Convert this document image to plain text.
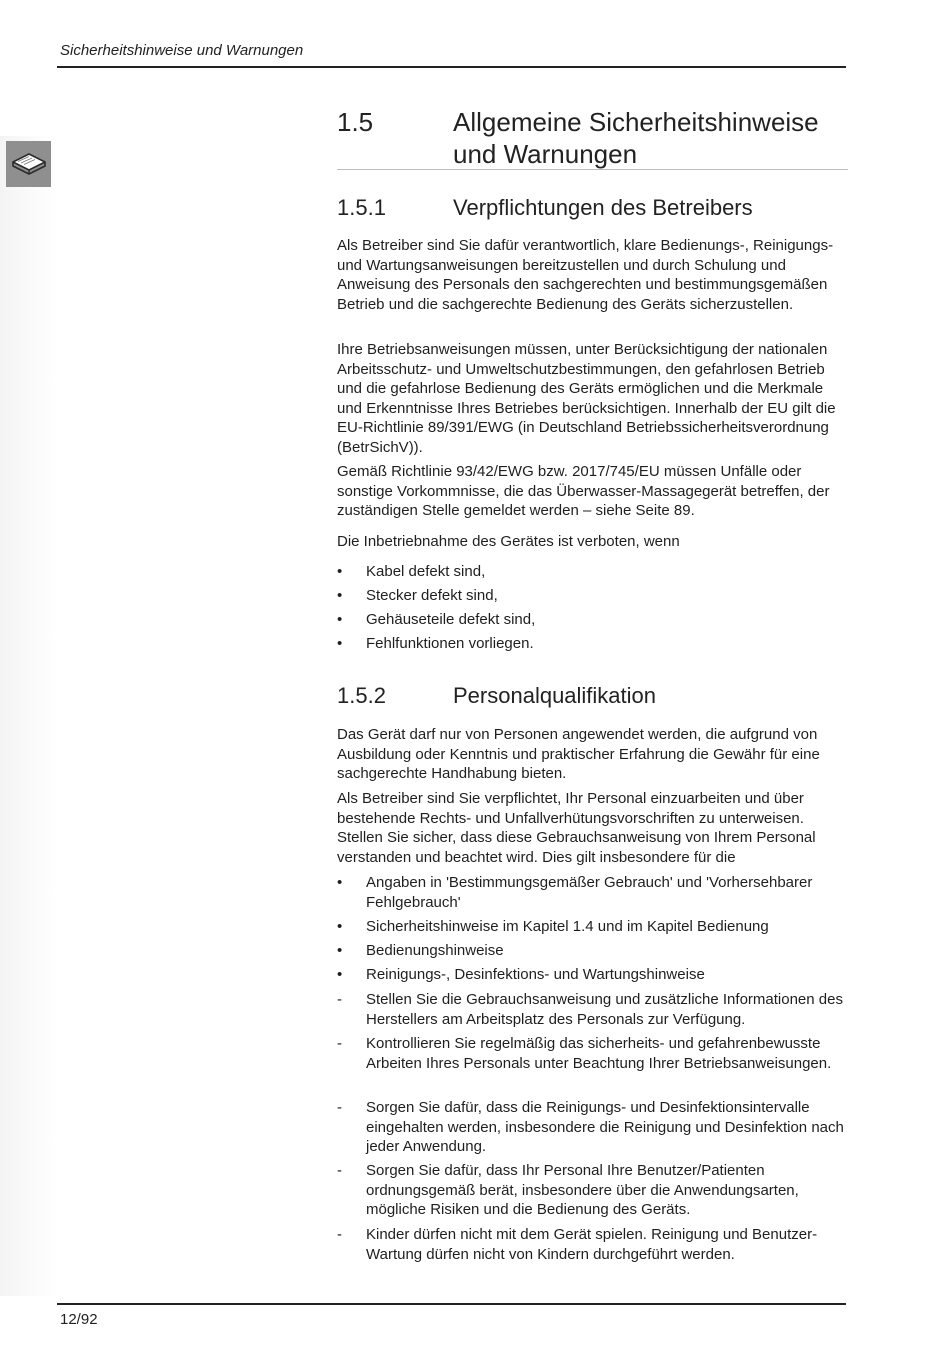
Sicherheitshinweise und Warnungen
1.5	Allgemeine Sicherheitshinweise und Warnungen
1.5.1	Verpflichtungen des Betreibers
Als Betreiber sind Sie dafür verantwortlich, klare Bedienungs-, Reinigungs- und Wartungsanweisungen bereitzustellen und durch Schulung und Anweisung des Personals den sachgerechten und bestimmungsgemäßen Betrieb und die sachgerechte Bedienung des Geräts sicherzustellen.
Ihre Betriebsanweisungen müssen, unter Berücksichtigung der nationalen Arbeitsschutz- und Umweltschutzbestimmungen, den gefahrlosen Betrieb und die gefahrlose Bedienung des Geräts ermöglichen und die Merkmale und Erkenntnisse Ihres Betriebes berücksichtigen. Innerhalb der EU gilt die EU-Richtlinie 89/391/EWG (in Deutschland Betriebssicherheitsverordnung (BetrSichV)).
Gemäß Richtlinie 93/42/EWG bzw. 2017/745/EU müssen Unfälle oder sonstige Vorkommnisse, die das Überwasser-Massagegerät betreffen, der zuständigen Stelle gemeldet werden – siehe Seite 89.
Die Inbetriebnahme des Gerätes ist verboten, wenn
•	Kabel defekt sind,
•	Stecker defekt sind,
•	Gehäuseteile defekt sind,
•	Fehlfunktionen vorliegen.
1.5.2	Personalqualifikation
Das Gerät darf nur von Personen angewendet werden, die aufgrund von Ausbildung oder Kenntnis und praktischer Erfahrung die Gewähr für eine sachgerechte Handhabung bieten.
Als Betreiber sind Sie verpflichtet, Ihr Personal einzuarbeiten und über bestehende Rechts- und Unfallverhütungsvorschriften zu unterweisen. Stellen Sie sicher, dass diese Gebrauchsanweisung von Ihrem Personal verstanden und beachtet wird. Dies gilt insbesondere für die
•	Angaben in 'Bestimmungsgemäßer Gebrauch' und 'Vorhersehbarer Fehlgebrauch'
•	Sicherheitshinweise im Kapitel 1.4 und im Kapitel Bedienung
•	Bedienungshinweise
•	Reinigungs-, Desinfektions- und Wartungshinweise
-	Stellen Sie die Gebrauchsanweisung und zusätzliche Informationen des Herstellers am Arbeitsplatz des Personals zur Verfügung.
-	Kontrollieren Sie regelmäßig das sicherheits- und gefahrenbewusste Arbeiten Ihres Personals unter Beachtung Ihrer Betriebsanweisungen.
-	Sorgen Sie dafür, dass die Reinigungs- und Desinfektionsintervalle eingehalten werden, insbesondere die Reinigung und Desinfektion nach jeder Anwendung.
-	Sorgen Sie dafür, dass Ihr Personal Ihre Benutzer/Patienten ordnungsgemäß berät, insbesondere über die Anwendungsarten, mögliche Risiken und die Bedienung des Geräts.
-	Kinder dürfen nicht mit dem Gerät spielen. Reinigung und Benutzer-Wartung dürfen nicht von Kindern durchgeführt werden.
12/92
